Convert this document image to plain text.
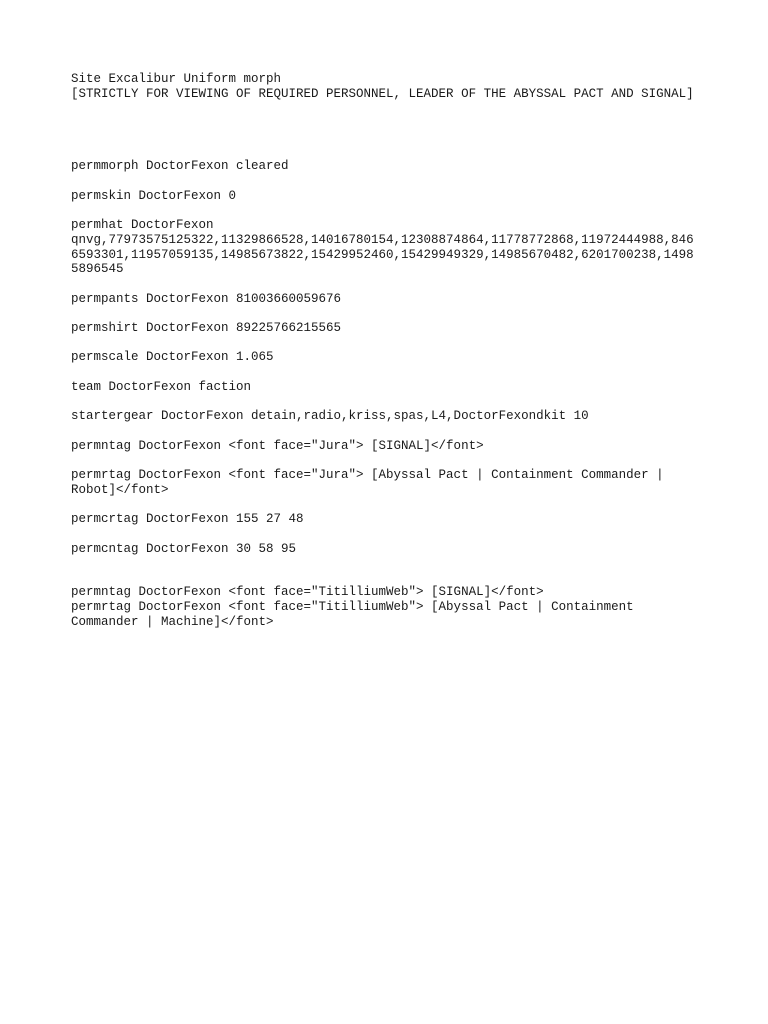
Site Excalibur Uniform morph
[STRICTLY FOR VIEWING OF REQUIRED PERSONNEL, LEADER OF THE ABYSSAL PACT AND SIGNAL]
permmorph DoctorFexon cleared
permskin DoctorFexon 0
permhat DoctorFexon
qnvg,77973575125322,11329866528,14016780154,12308874864,11778772868,11972444988,846
6593301,11957059135,14985673822,15429952460,15429949329,14985670482,6201700238,1498
5896545
permpants DoctorFexon 81003660059676
permshirt DoctorFexon 89225766215565
permscale DoctorFexon 1.065
team DoctorFexon faction
startergear DoctorFexon detain,radio,kriss,spas,L4,DoctorFexondkit 10
permntag DoctorFexon <font face="Jura"> [SIGNAL]</font>
permrtag DoctorFexon <font face="Jura"> [Abyssal Pact | Containment Commander |
Robot]</font>
permcrtag DoctorFexon 155 27 48
permcntag DoctorFexon 30 58 95
permntag DoctorFexon <font face="TitilliumWeb"> [SIGNAL]</font>
permrtag DoctorFexon <font face="TitilliumWeb"> [Abyssal Pact | Containment
Commander | Machine]</font>
